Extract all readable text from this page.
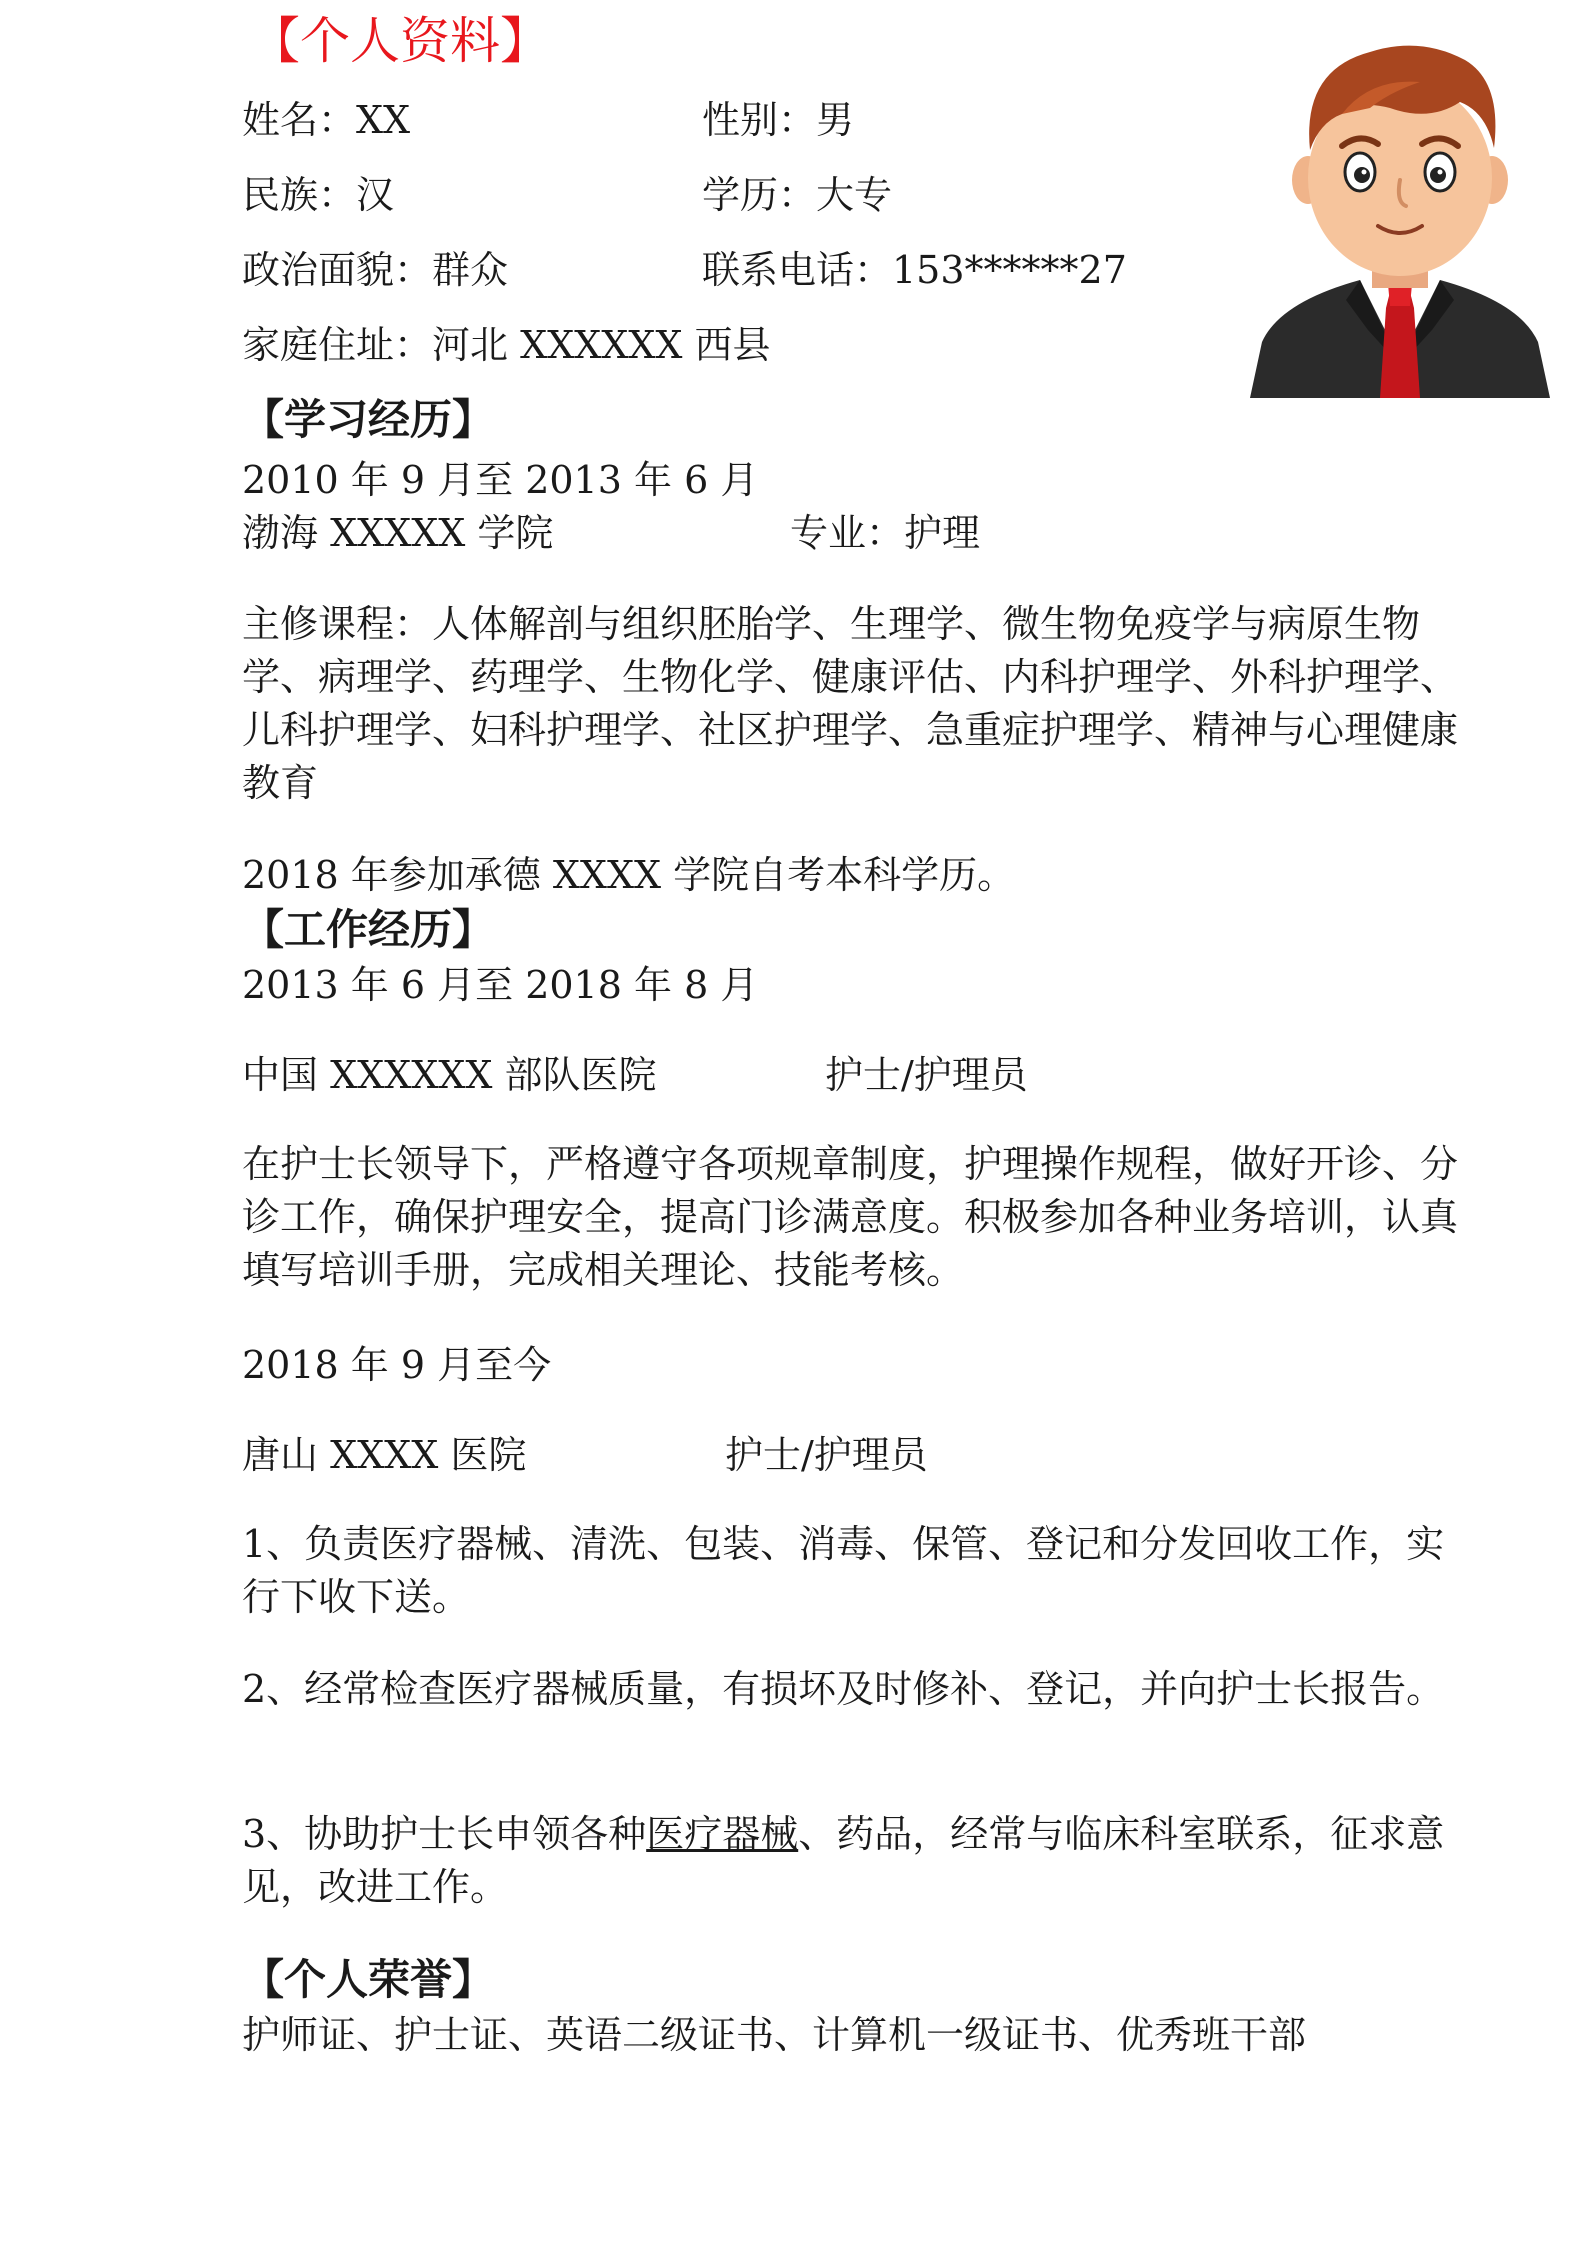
【个人资料】
姓名：XX	性别：男
民族：汉	学历：大专
政治面貌：群众	联系电话：153******27
家庭住址：河北 XXXXXX 西县
【学习经历】
2010 年 9 月至 2013 年 6 月
渤海 XXXXX 学院	专业：护理
主修课程：人体解剖与组织胚胎学、生理学、微生物免疫学与病原生物学、病理学、药理学、生物化学、健康评估、内科护理学、外科护理学、儿科护理学、妇科护理学、社区护理学、急重症护理学、精神与心理健康教育
2018 年参加承德 XXXX 学院自考本科学历。
【工作经历】
2013 年 6 月至 2018 年 8 月
中国 XXXXXX 部队医院	护士/护理员
在护士长领导下，严格遵守各项规章制度，护理操作规程，做好开诊、分诊工作，确保护理安全，提高门诊满意度。积极参加各种业务培训，认真填写培训手册，完成相关理论、技能考核。
2018 年 9 月至今
唐山 XXXX 医院	护士/护理员
1、负责医疗器械、清洗、包装、消毒、保管、登记和分发回收工作，实行下收下送。
2、经常检查医疗器械质量，有损坏及时修补、登记，并向护士长报告。
3、协助护士长申领各种医疗器械、药品，经常与临床科室联系，征求意见，改进工作。
【个人荣誉】
护师证、护士证、英语二级证书、计算机一级证书、优秀班干部
